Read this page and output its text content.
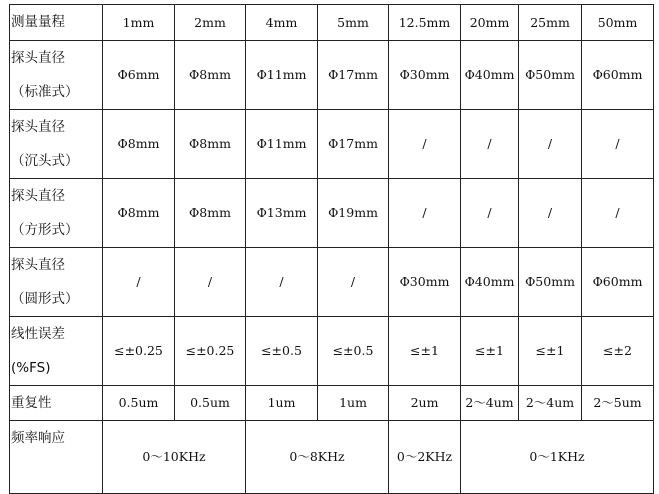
测量量程	1mm	2mm	4mm	5mm	12.5mm	20mm	25mm	50mm

探头直径
（标准式）	Φ6mm	Φ8mm	Φ11mm	Φ17mm	Φ30mm	Φ40mm	Φ50mm	Φ60mm

探头直径
（沉头式）	Φ8mm	Φ8mm	Φ11mm	Φ17mm	/	/	/	/

探头直径
（方形式）	Φ8mm	Φ8mm	Φ13mm	Φ19mm	/	/	/	/

探头直径
（圆形式）	/	/	/	/	Φ30mm	Φ40mm	Φ50mm	Φ60mm

线性误差
(%FS)	≤±0.25	≤±0.25	≤±0.5	≤±0.5	≤±1	≤±1	≤±1	≤±2
重复性	0.5um	0.5um	1um	1um	2um	2～4um	2～4um	2～5um
频率响应	0～10KHz		0～8KHz		0～2KHz	0～1KHz		
